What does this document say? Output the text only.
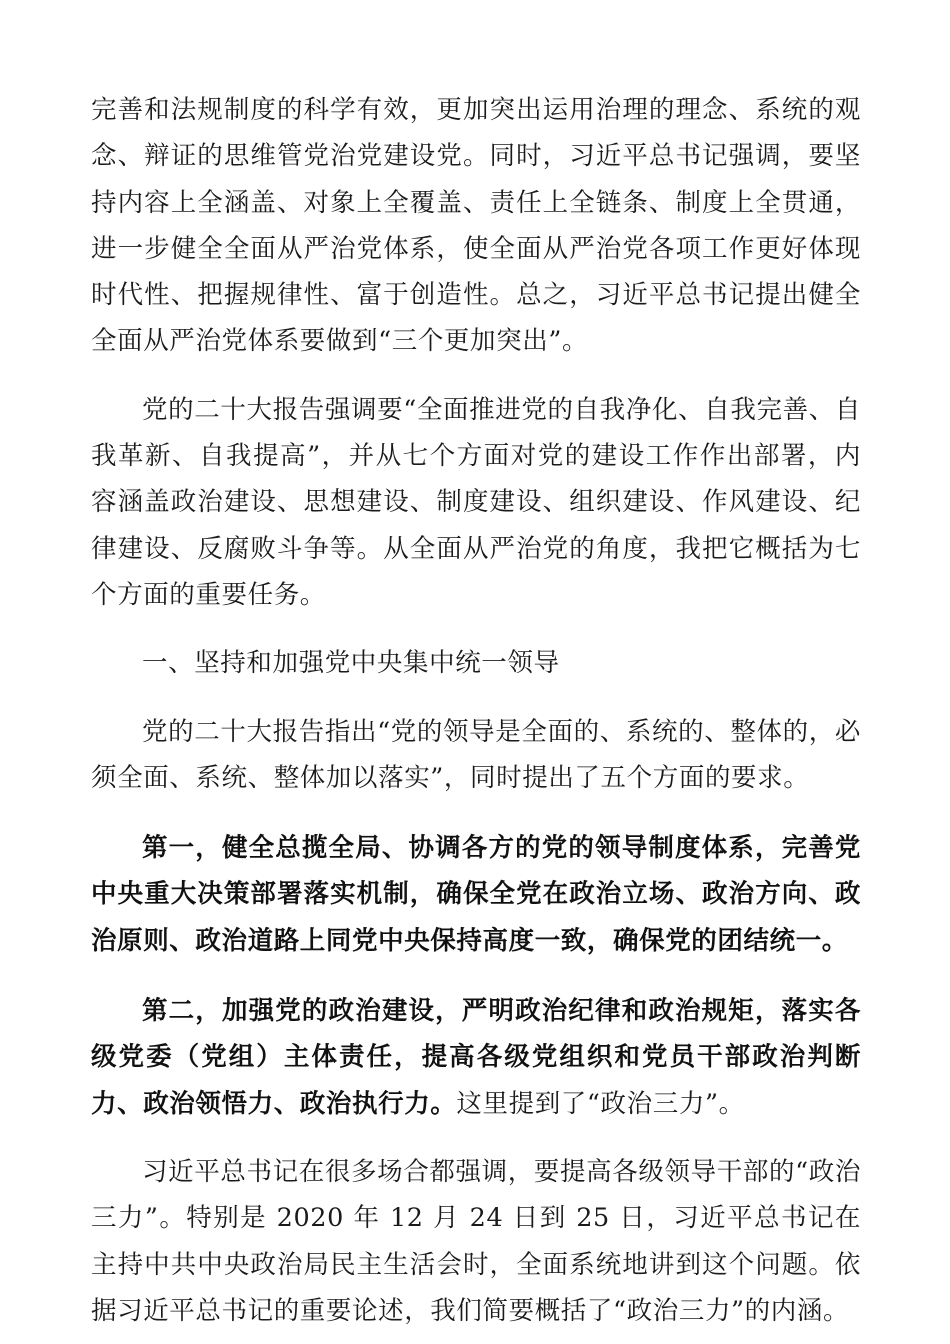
完善和法规制度的科学有效，更加突出运用治理的理念、系统的观念、辩证的思维管党治党建设党。同时，习近平总书记强调，要坚持内容上全涵盖、对象上全覆盖、责任上全链条、制度上全贯通，进一步健全全面从严治党体系，使全面从严治党各项工作更好体现时代性、把握规律性、富于创造性。总之，习近平总书记提出健全全面从严治党体系要做到“三个更加突出”。

党的二十大报告强调要“全面推进党的自我净化、自我完善、自我革新、自我提高”，并从七个方面对党的建设工作作出部署，内容涵盖政治建设、思想建设、制度建设、组织建设、作风建设、纪律建设、反腐败斗争等。从全面从严治党的角度，我把它概括为七个方面的重要任务。

一、坚持和加强党中央集中统一领导

党的二十大报告指出“党的领导是全面的、系统的、整体的，必须全面、系统、整体加以落实”，同时提出了五个方面的要求。

第一，健全总揽全局、协调各方的党的领导制度体系，完善党中央重大决策部署落实机制，确保全党在政治立场、政治方向、政治原则、政治道路上同党中央保持高度一致，确保党的团结统一。

第二，加强党的政治建设，严明政治纪律和政治规矩，落实各级党委（党组）主体责任，提高各级党组织和党员干部政治判断力、政治领悟力、政治执行力。这里提到了“政治三力”。

习近平总书记在很多场合都强调，要提高各级领导干部的“政治三力”。特别是 2020 年 12 月 24 日到 25 日，习近平总书记在主持中共中央政治局民主生活会时，全面系统地讲到这个问题。依据习近平总书记的重要论述，我们简要概括了“政治三力”的内涵。
